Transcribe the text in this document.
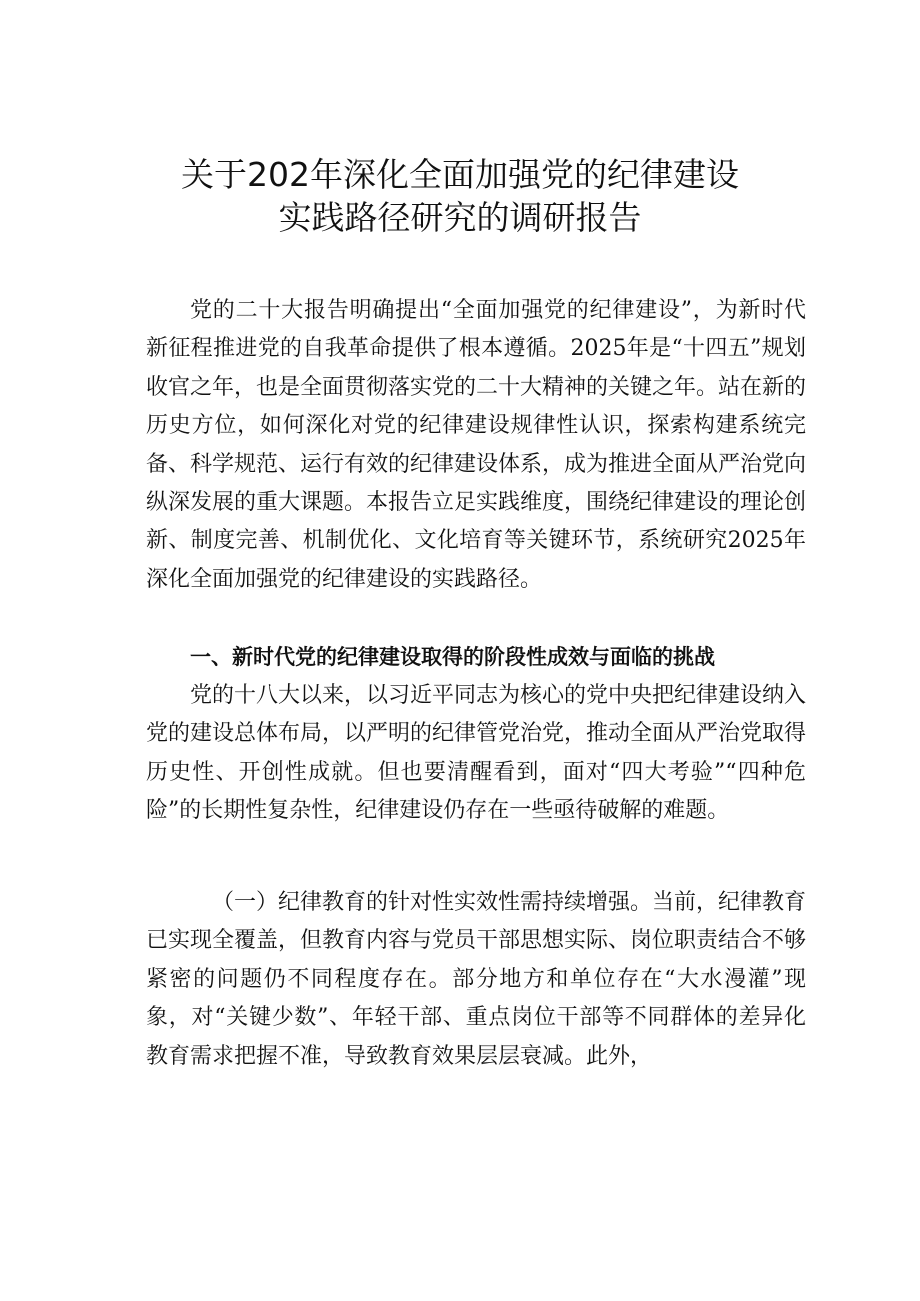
关于202年深化全面加强党的纪律建设
实践路径研究的调研报告

党的二十大报告明确提出“全面加强党的纪律建设”，为新时代新征程推进党的自我革命提供了根本遵循。2025年是“十四五”规划收官之年，也是全面贯彻落实党的二十大精神的关键之年。站在新的历史方位，如何深化对党的纪律建设规律性认识，探索构建系统完备、科学规范、运行有效的纪律建设体系，成为推进全面从严治党向纵深发展的重大课题。本报告立足实践维度，围绕纪律建设的理论创新、制度完善、机制优化、文化培育等关键环节，系统研究2025年深化全面加强党的纪律建设的实践路径。

一、新时代党的纪律建设取得的阶段性成效与面临的挑战

党的十八大以来，以习近平同志为核心的党中央把纪律建设纳入党的建设总体布局，以严明的纪律管党治党，推动全面从严治党取得历史性、开创性成就。但也要清醒看到，面对“四大考验”“四种危险”的长期性复杂性，纪律建设仍存在一些亟待破解的难题。

（一）纪律教育的针对性实效性需持续增强。当前，纪律教育已实现全覆盖，但教育内容与党员干部思想实际、岗位职责结合不够紧密的问题仍不同程度存在。部分地方和单位存在“大水漫灌”现象，对“关键少数”、年轻干部、重点岗位干部等不同群体的差异化教育需求把握不准，导致教育效果层层衰减。此外，
